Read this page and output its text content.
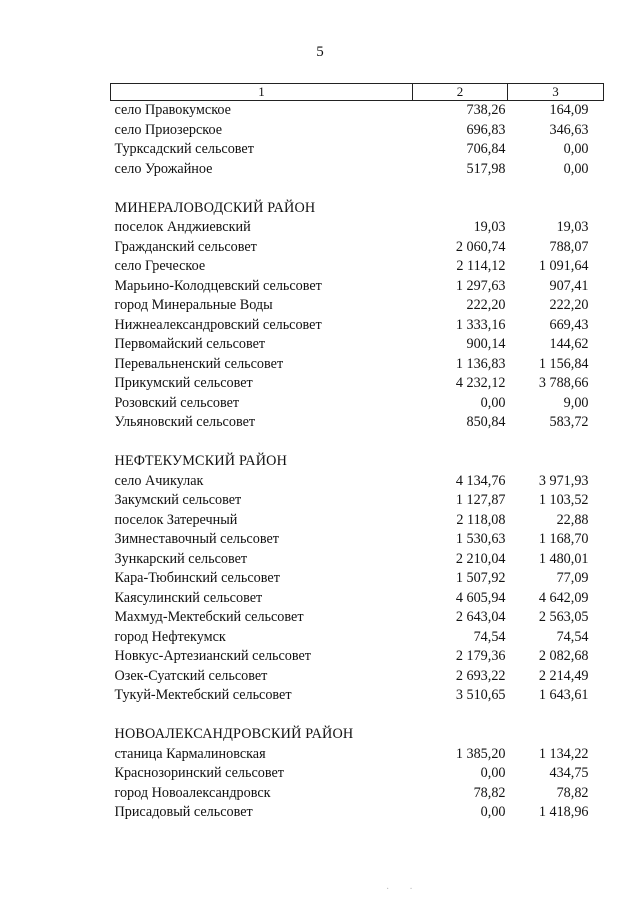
5
1	2	3
село Правокумское	738,26	164,09
село Приозерское	696,83	346,63
Турксадский сельсовет	706,84	0,00
село Урожайное	517,98	0,00

МИНЕРАЛОВОДСКИЙ РАЙОН		
поселок Анджиевский	19,03	19,03
Гражданский сельсовет	2 060,74	788,07
село Греческое	2 114,12	1 091,64
Марьино-Колодцевский сельсовет	1 297,63	907,41
город Минеральные Воды	222,20	222,20
Нижнеалександровский сельсовет	1 333,16	669,43
Первомайский сельсовет	900,14	144,62
Перевальненский сельсовет	1 136,83	1 156,84
Прикумский сельсовет	4 232,12	3 788,66
Розовский сельсовет	0,00	9,00
Ульяновский сельсовет	850,84	583,72

НЕФТЕКУМСКИЙ РАЙОН		
село Ачикулак	4 134,76	3 971,93
Закумский сельсовет	1 127,87	1 103,52
поселок Затеречный	2 118,08	22,88
Зимнеставочный сельсовет	1 530,63	1 168,70
Зункарский сельсовет	2 210,04	1 480,01
Кара-Тюбинский сельсовет	1 507,92	77,09
Каясулинский сельсовет	4 605,94	4 642,09
Махмуд-Мектебский сельсовет	2 643,04	2 563,05
город Нефтекумск	74,54	74,54
Новкус-Артезианский сельсовет	2 179,36	2 082,68
Озек-Суатский сельсовет	2 693,22	2 214,49
Тукуй-Мектебский сельсовет	3 510,65	1 643,61

НОВОАЛЕКСАНДРОВСКИЙ РАЙОН		
станица Кармалиновская	1 385,20	1 134,22
Краснозоринский сельсовет	0,00	434,75
город Новоалександровск	78,82	78,82
Присадовый сельсовет	0,00	1 418,96
·        ·
